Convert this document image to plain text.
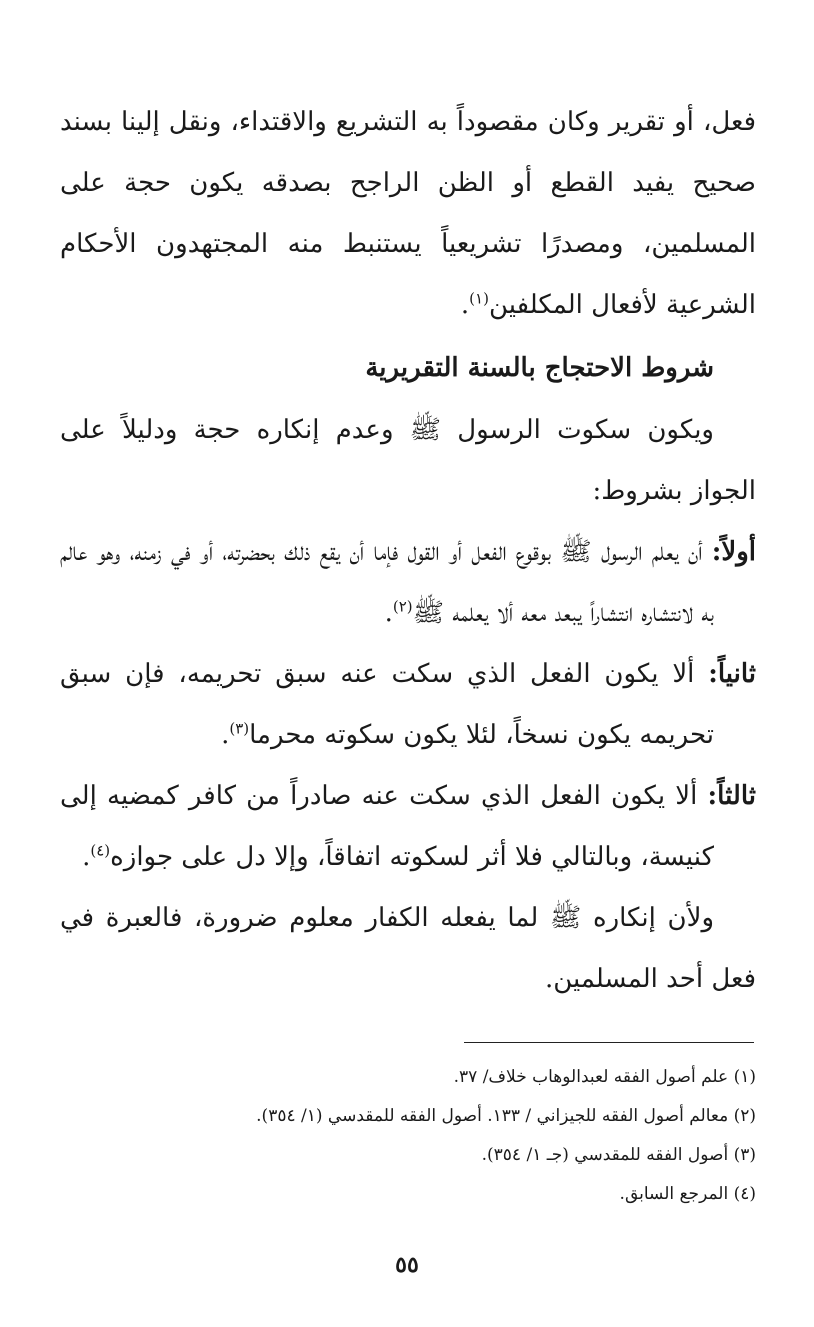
فعل، أو تقرير وكان مقصوداً به التشريع والاقتداء، ونقل إلينا بسند صحيح يفيد القطع أو الظن الراجح بصدقه يكون حجة على المسلمين، ومصدرًا تشريعياً يستنبط منه المجتهدون الأحكام الشرعية لأفعال المكلفين$^{(١)}$.

شروط الاحتجاج بالسنة التقريرية

ويكون سكوت الرسول ﷺ وعدم إنكاره حجة ودليلاً على الجواز بشروط:

أولاً: أن يعلم الرسول ﷺ بوقوع الفعل أو القول فإما أن يقع ذلك بحضرته، أو في زمنه، وهو عالم به لانتشاره انتشاراً يبعد معه ألا يعلمه ﷺ$^{(٢)}$.

ثانياً: ألا يكون الفعل الذي سكت عنه سبق تحريمه، فإن سبق تحريمه يكون نسخاً، لئلا يكون سكوته محرما$^{(٣)}$.

ثالثاً: ألا يكون الفعل الذي سكت عنه صادراً من كافر كمضيه إلى كنيسة، وبالتالي فلا أثر لسكوته اتفاقاً، وإلا دل على جوازه$^{(٤)}$.

ولأن إنكاره ﷺ لما يفعله الكفار معلوم ضرورة، فالعبرة في فعل أحد المسلمين.

(١) علم أصول الفقه لعبدالوهاب خلاف/ ٣٧.

(٢) معالم أصول الفقه للجيزاني / ١٣٣. أصول الفقه للمقدسي (١/ ٣٥٤).

(٣) أصول الفقه للمقدسي (جـ ١/ ٣٥٤).

(٤) المرجع السابق.

٥٥
